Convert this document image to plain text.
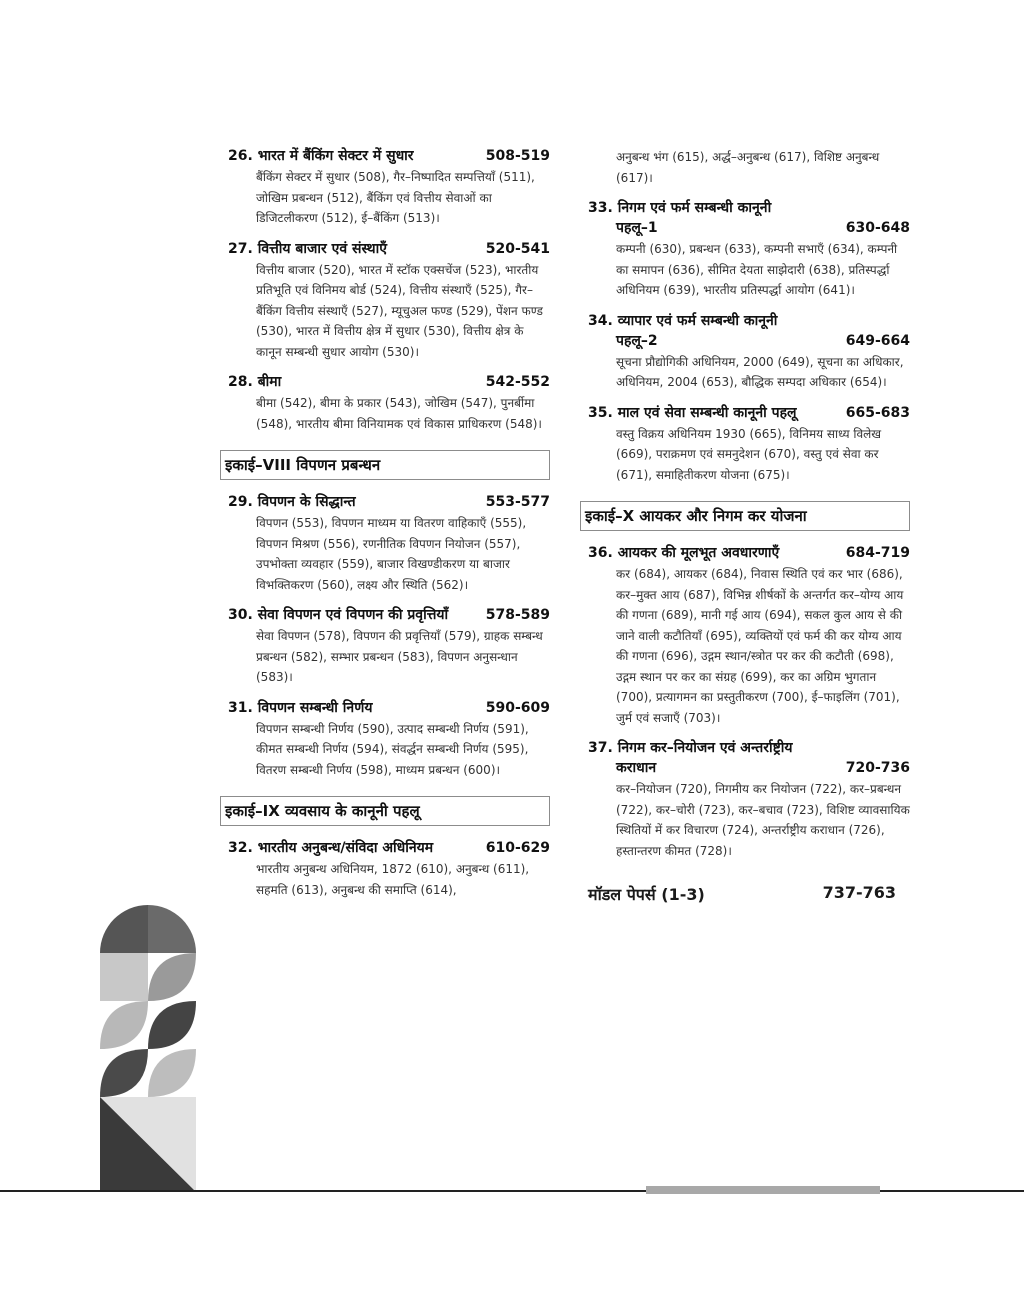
26. भारत में बैंकिंग सेक्टर में सुधार	508-519
बैंकिंग सेक्टर में सुधार (508), गैर–निष्पादित सम्पत्तियाँ (511), जोखिम प्रबन्धन (512), बैंकिंग एवं वित्तीय सेवाओं का डिजिटलीकरण (512), ई–बैंकिंग (513)।
27. वित्तीय बाजार एवं संस्थाएँ	520-541
वित्तीय बाजार (520), भारत में स्टॉक एक्सचेंज (523), भारतीय प्रतिभूति एवं विनिमय बोर्ड (524), वित्तीय संस्थाएँ (525), गैर–बैंकिंग वित्तीय संस्थाएँ (527), म्यूचुअल फण्ड (529), पेंशन फण्ड (530), भारत में वित्तीय क्षेत्र में सुधार (530), वित्तीय क्षेत्र के कानून सम्बन्धी सुधार आयोग (530)।
28. बीमा	542-552
बीमा (542), बीमा के प्रकार (543), जोखिम (547), पुनर्बीमा (548), भारतीय बीमा विनियामक एवं विकास प्राधिकरण (548)।
इकाई–VIII विपणन प्रबन्धन
29. विपणन के सिद्धान्त	553-577
विपणन (553), विपणन माध्यम या वितरण वाहिकाएँ (555), विपणन मिश्रण (556), रणनीतिक विपणन नियोजन (557), उपभोक्ता व्यवहार (559), बाजार विखण्डीकरण या बाजार विभक्तिकरण (560), लक्ष्य और स्थिति (562)।
30. सेवा विपणन एवं विपणन की प्रवृत्तियाँ	578-589
सेवा विपणन (578), विपणन की प्रवृत्तियाँ (579), ग्राहक सम्बन्ध प्रबन्धन (582), सम्भार प्रबन्धन (583), विपणन अनुसन्धान (583)।
31. विपणन सम्बन्धी निर्णय	590-609
विपणन सम्बन्धी निर्णय (590), उत्पाद सम्बन्धी निर्णय (591), कीमत सम्बन्धी निर्णय (594), संवर्द्धन सम्बन्धी निर्णय (595), वितरण सम्बन्धी निर्णय (598), माध्यम प्रबन्धन (600)।
इकाई–IX व्यवसाय के कानूनी पहलू
32. भारतीय अनुबन्ध/संविदा अधिनियम	610-629
भारतीय अनुबन्ध अधिनियम, 1872 (610), अनुबन्ध (611), सहमति (613), अनुबन्ध की समाप्ति (614),
अनुबन्ध भंग (615), अर्द्ध–अनुबन्ध (617), विशिष्ट अनुबन्ध (617)।
33. निगम एवं फर्म सम्बन्धी कानूनी
पहलू–1	630-648
कम्पनी (630), प्रबन्धन (633), कम्पनी सभाएँ (634), कम्पनी का समापन (636), सीमित देयता साझेदारी (638), प्रतिस्पर्द्धा अधिनियम (639), भारतीय प्रतिस्पर्द्धा आयोग (641)।
34. व्यापार एवं फर्म सम्बन्धी कानूनी
पहलू–2	649-664
सूचना प्रौद्योगिकी अधिनियम, 2000 (649), सूचना का अधिकार, अधिनियम, 2004 (653), बौद्धिक सम्पदा अधिकार (654)।
35. माल एवं सेवा सम्बन्धी कानूनी पहलू	665-683
वस्तु विक्रय अधिनियम 1930 (665), विनिमय साध्य विलेख (669), पराक्रमण एवं समनुदेशन (670), वस्तु एवं सेवा कर (671), समाहितीकरण योजना (675)।
इकाई–X आयकर और निगम कर योजना
36. आयकर की मूलभूत अवधारणाएँ	684-719
कर (684), आयकर (684), निवास स्थिति एवं कर भार (686), कर–मुक्त आय (687), विभिन्न शीर्षकों के अन्तर्गत कर–योग्य आय की गणना (689), मानी गई आय (694), सकल कुल आय से की जाने वाली कटौतियाँ (695), व्यक्तियों एवं फर्म की कर योग्य आय की गणना (696), उद्गम स्थान/स्त्रोत पर कर की कटौती (698), उद्गम स्थान पर कर का संग्रह (699), कर का अग्रिम भुगतान (700), प्रत्यागमन का प्रस्तुतीकरण (700), ई–फाइलिंग (701), जुर्म एवं सजाएँ (703)।
37. निगम कर–नियोजन एवं अन्तर्राष्ट्रीय
कराधान	720-736
कर–नियोजन (720), निगमीय कर नियोजन (722), कर–प्रबन्धन (722), कर–चोरी (723), कर–बचाव (723), विशिष्ट व्यावसायिक स्थितियों में कर विचारण (724), अन्तर्राष्ट्रीय कराधान (726), हस्तान्तरण कीमत (728)।
मॉडल पेपर्स (1-3)	737-763
